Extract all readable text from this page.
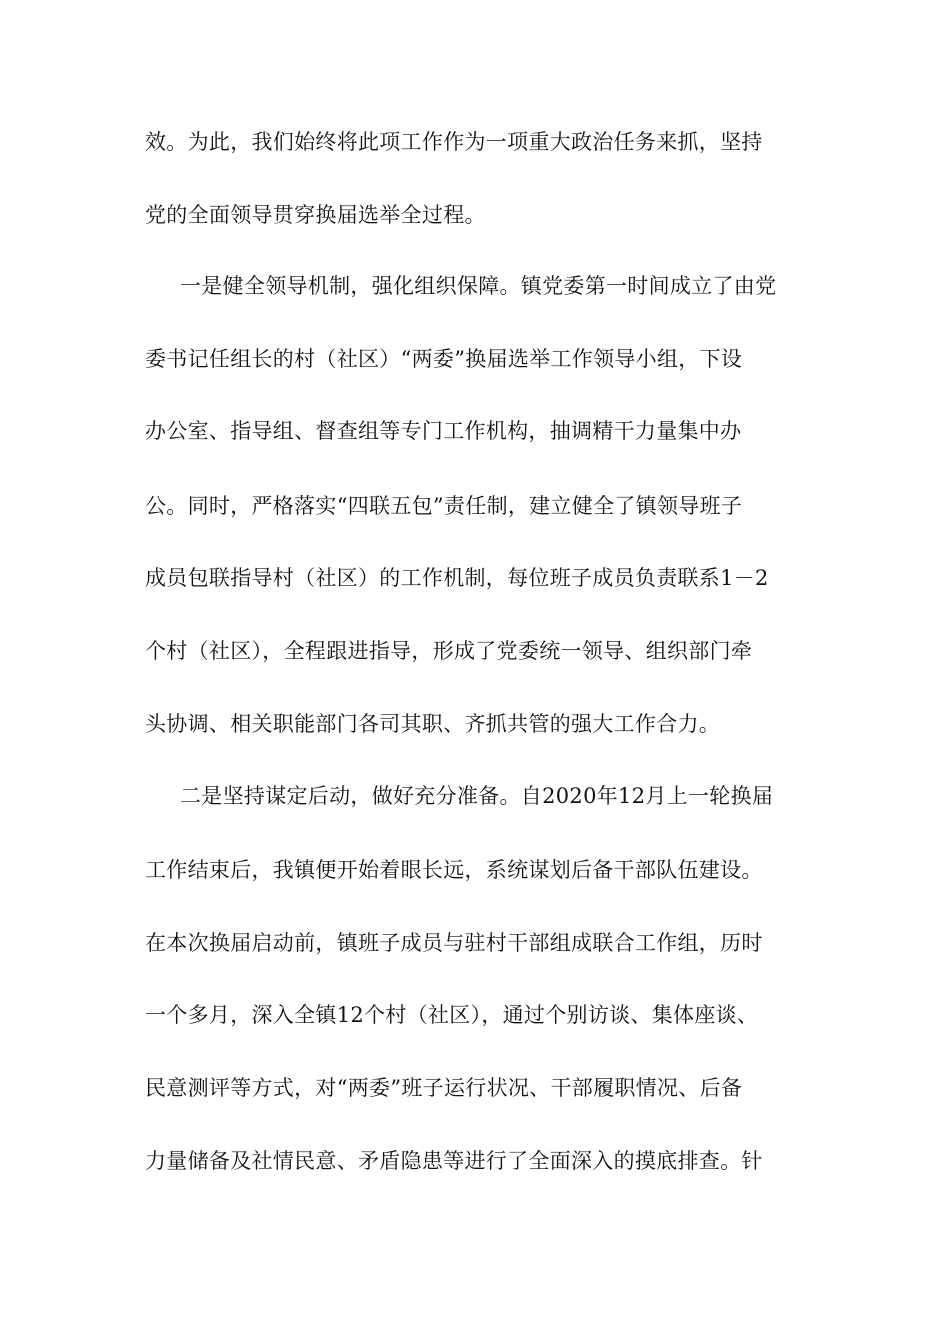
效。为此，我们始终将此项工作作为一项重大政治任务来抓，坚持
党的全面领导贯穿换届选举全过程。
一是健全领导机制，强化组织保障。镇党委第一时间成立了由党
委书记任组长的村（社区）“两委”换届选举工作领导小组，下设
办公室、指导组、督查组等专门工作机构，抽调精干力量集中办
公。同时，严格落实“四联五包”责任制，建立健全了镇领导班子
成员包联指导村（社区）的工作机制，每位班子成员负责联系1－2
个村（社区），全程跟进指导，形成了党委统一领导、组织部门牵
头协调、相关职能部门各司其职、齐抓共管的强大工作合力。
二是坚持谋定后动，做好充分准备。自2020年12月上一轮换届
工作结束后，我镇便开始着眼长远，系统谋划后备干部队伍建设。
在本次换届启动前，镇班子成员与驻村干部组成联合工作组，历时
一个多月，深入全镇12个村（社区），通过个别访谈、集体座谈、
民意测评等方式，对“两委”班子运行状况、干部履职情况、后备
力量储备及社情民意、矛盾隐患等进行了全面深入的摸底排查。针
